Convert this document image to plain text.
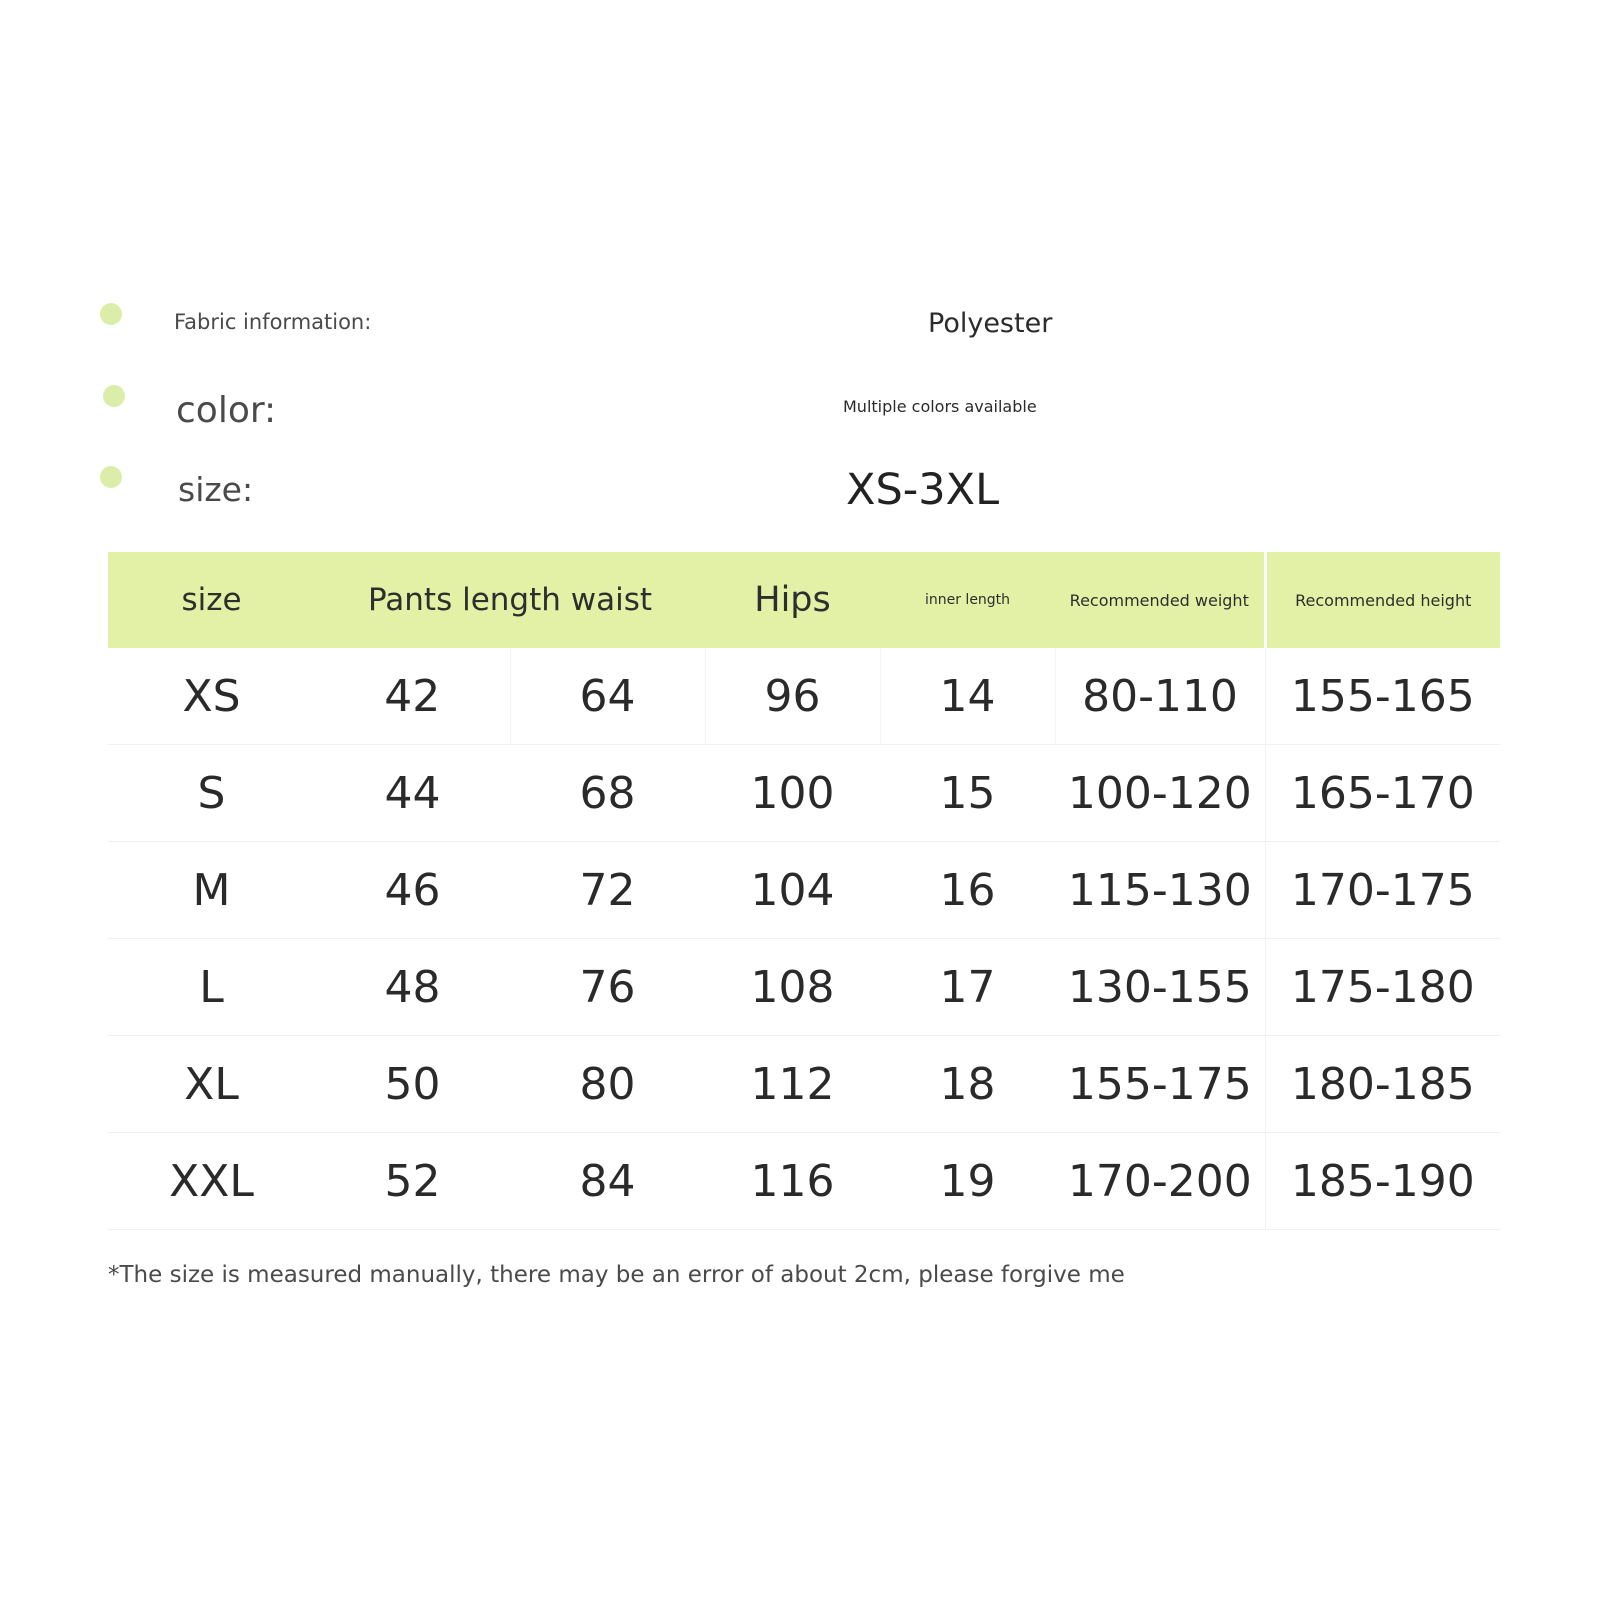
Fabric information:	Polyester
color:	Multiple colors available
size:	XS-3XL
size	Pants length waist		Hips	inner length	Recommended weight	Recommended height
XS	42	64	96	14	80-110	155-165
S	44	68	100	15	100-120	165-170
M	46	72	104	16	115-130	170-175
L	48	76	108	17	130-155	175-180
XL	50	80	112	18	155-175	180-185
XXL	52	84	116	19	170-200	185-190
*The size is measured manually, there may be an error of about 2cm, please forgive me
